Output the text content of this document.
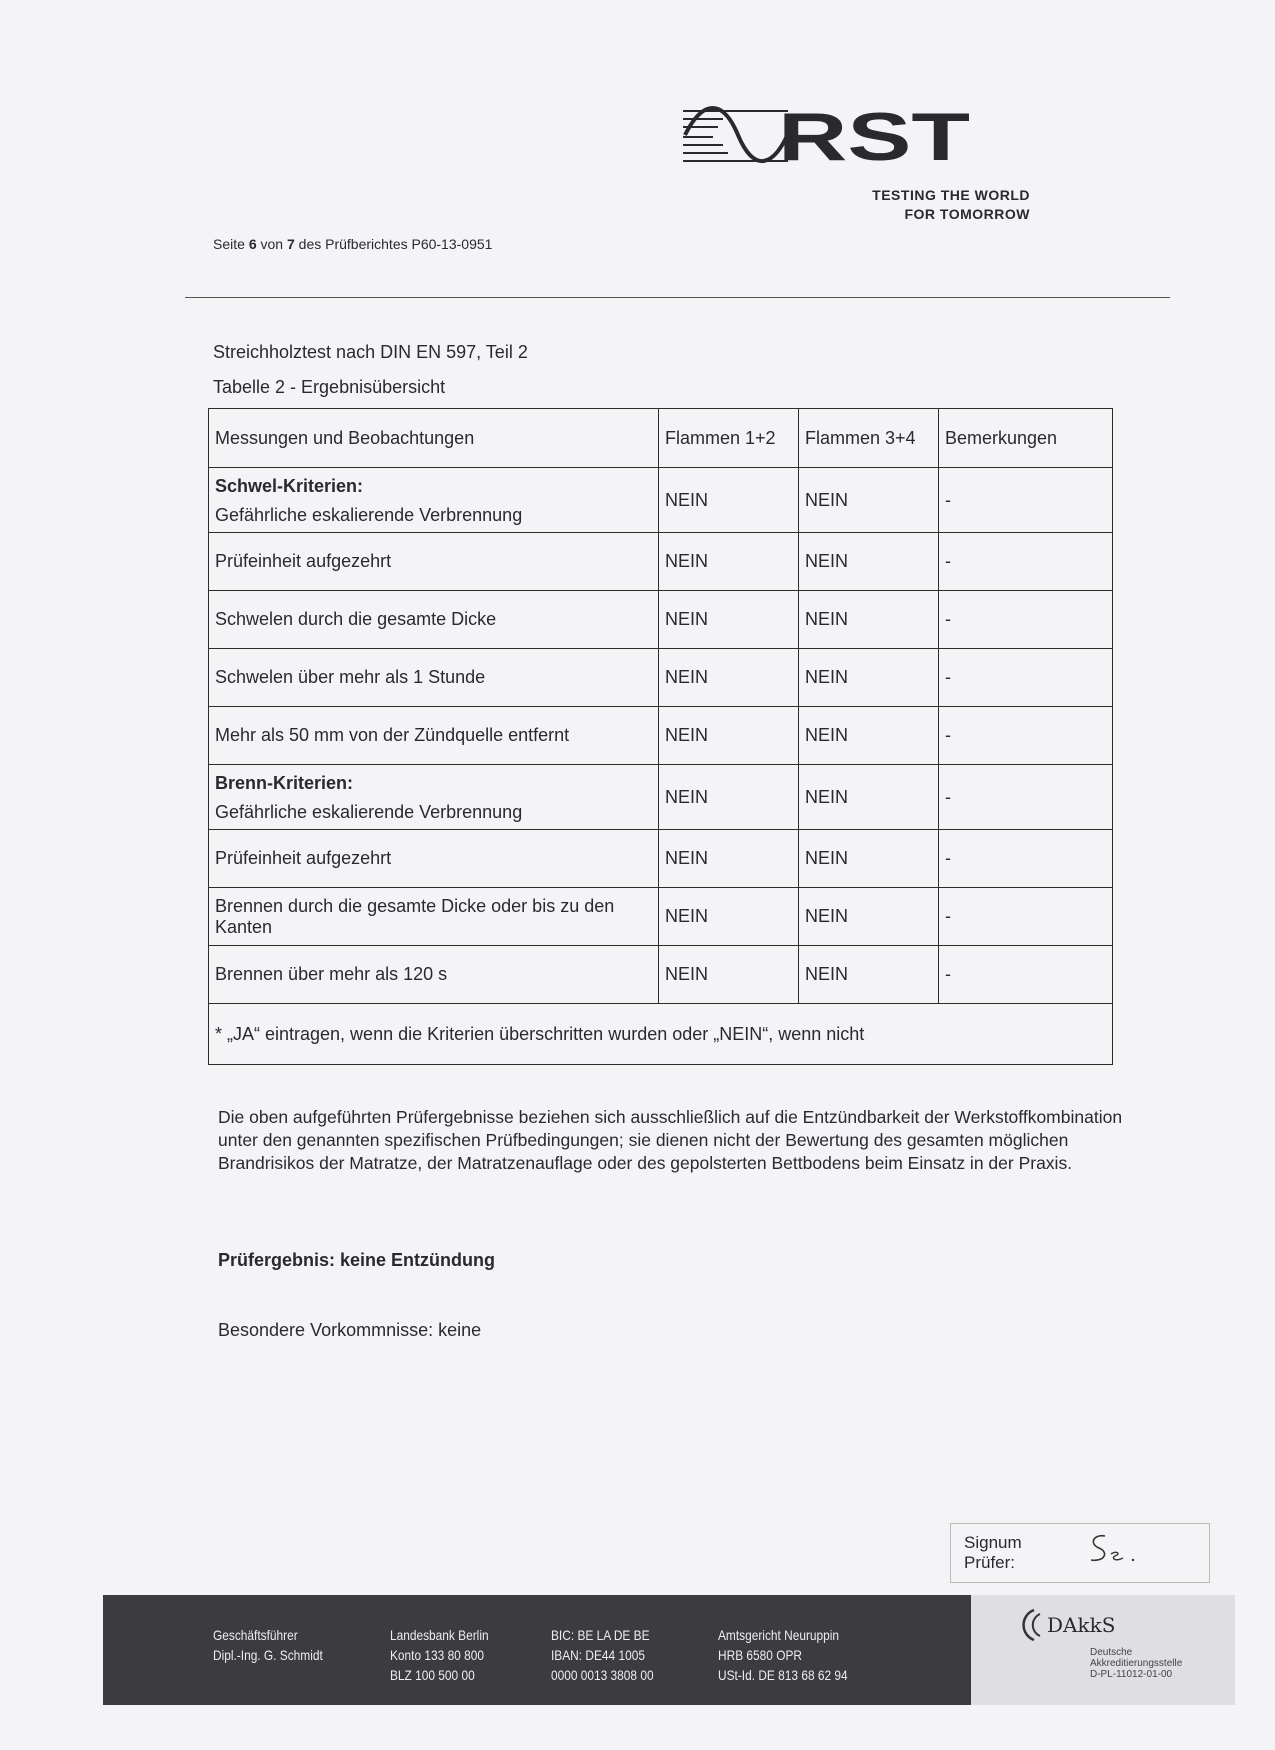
RST
TESTING THE WORLD
FOR TOMORROW
Seite 6 von 7 des Prüfberichtes P60-13-0951
Streichholztest nach DIN EN 597, Teil 2
Tabelle 2 - Ergebnisübersicht
Messungen und Beobachtungen	Flammen 1+2	Flammen 3+4	Bemerkungen

Schwel-Kriterien:
Gefährliche eskalierende Verbrennung	NEIN	NEIN	-
Prüfeinheit aufgezehrt	NEIN	NEIN	-
Schwelen durch die gesamte Dicke	NEIN	NEIN	-
Schwelen über mehr als 1 Stunde	NEIN	NEIN	-
Mehr als 50 mm von der Zündquelle entfernt	NEIN	NEIN	-

Brenn-Kriterien:
Gefährliche eskalierende Verbrennung	NEIN	NEIN	-
Prüfeinheit aufgezehrt	NEIN	NEIN	-
Brennen durch die gesamte Dicke oder bis zu den Kanten	NEIN	NEIN	-
Brennen über mehr als 120 s	NEIN	NEIN	-
* „JA“ eintragen, wenn die Kriterien überschritten wurden oder „NEIN“, wenn nicht			
Die oben aufgeführten Prüfergebnisse beziehen sich ausschließlich auf die Entzündbarkeit der Werkstoffkombination unter den genannten spezifischen Prüfbedingungen; sie dienen nicht der Bewertung des gesamten möglichen Brandrisikos der Matratze, der Matratzenauflage oder des gepolsterten Bettbodens beim Einsatz in der Praxis.
Prüfergebnis: keine Entzündung
Besondere Vorkommnisse: keine
Signum
Prüfer:
Geschäftsführer
Dipl.-Ing. G. Schmidt
Landesbank Berlin
Konto 133 80 800
BLZ 100 500 00
BIC: BE LA DE BE
IBAN: DE44 1005
0000 0013 3808 00
Amtsgericht Neuruppin
HRB 6580 OPR
USt-Id. DE 813 68 62 94
DAkkS
Deutsche
Akkreditierungsstelle
D-PL-11012-01-00
